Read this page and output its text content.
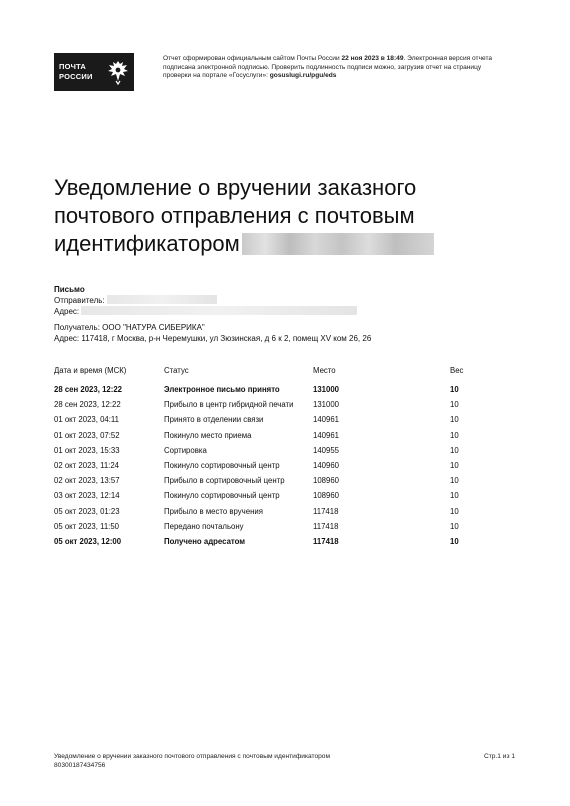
ПОЧТА
РОССИИ
Отчет сформирован официальным сайтом Почты России 22 ноя 2023 в 18:49. Электронная версия отчета подписана электронной подписью. Проверить подлинность подписи можно, загрузив отчет на страницу проверки на портале «Госуслуги»: gosuslugi.ru/pgu/eds
Уведомление о вручении заказного почтового отправления с почтовым идентификатором
Письмо
Отправитель:
Адрес:
Получатель: ООО "НАТУРА СИБЕРИКА"
Адрес: 117418, г Москва, р-н Черемушки, ул Зюзинская, д 6 к 2, помещ XV ком 26, 26
Дата и время (МСК)	Статус	Место	Вес
28 сен 2023, 12:22	Электронное письмо принято	131000	10
28 сен 2023, 12:22	Прибыло в центр гибридной печати	131000	10
01 окт 2023, 04:11	Принято в отделении связи	140961	10
01 окт 2023, 07:52	Покинуло место приема	140961	10
01 окт 2023, 15:33	Сортировка	140955	10
02 окт 2023, 11:24	Покинуло сортировочный центр	140960	10
02 окт 2023, 13:57	Прибыло в сортировочный центр	108960	10
03 окт 2023, 12:14	Покинуло сортировочный центр	108960	10
05 окт 2023, 01:23	Прибыло в место вручения	117418	10
05 окт 2023, 11:50	Передано почтальону	117418	10
05 окт 2023, 12:00	Получено адресатом	117418	10
Уведомление о вручении заказного почтового отправления с почтовым идентификатором
80300187434756
Стр.1 из 1
